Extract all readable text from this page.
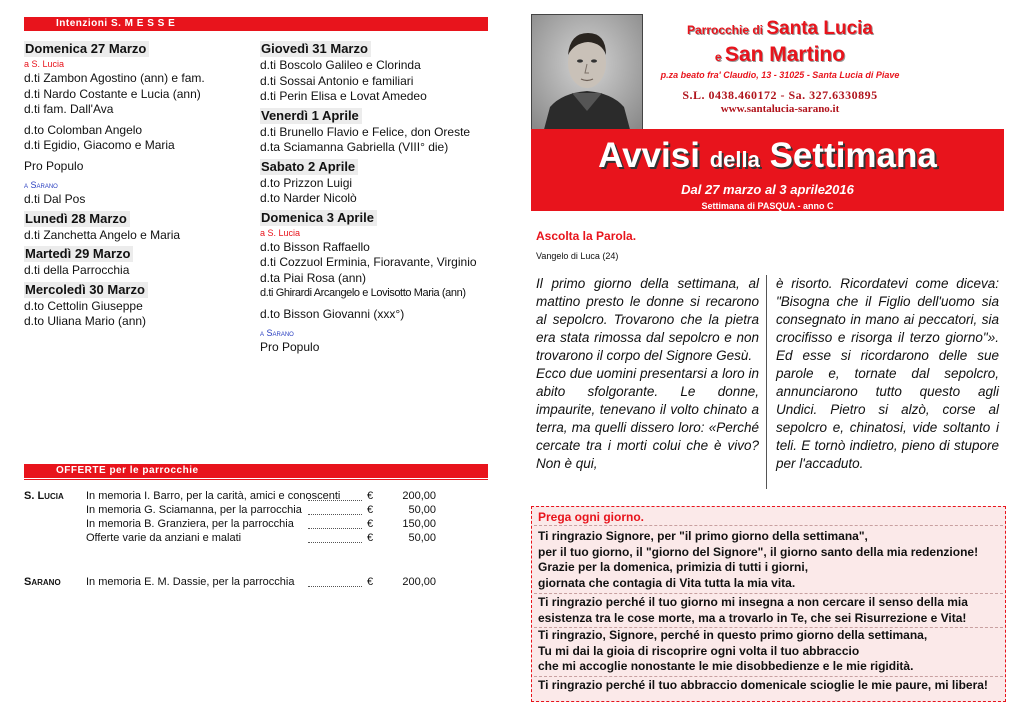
Intenzioni S. M E S S E
Domenica 27 Marzo
a S. Lucia
d.ti Zambon Agostino (ann) e fam.
d.ti Nardo Costante e Lucia (ann)
d.ti fam. Dall'Ava
d.to Colomban Angelo
d.ti Egidio, Giacomo e Maria
Pro Populo
a Sarano
d.ti Dal Pos
Lunedì 28 Marzo
d.ti Zanchetta Angelo e Maria
Martedì 29 Marzo
d.ti della Parrocchia
Mercoledì 30 Marzo
d.to Cettolin Giuseppe
d.to Uliana Mario (ann)
Giovedì 31 Marzo
d.ti Boscolo Galileo e Clorinda
d.ti Sossai Antonio e familiari
d.ti Perin Elisa e Lovat Amedeo
Venerdì 1 Aprile
d.ti Brunello Flavio e Felice, don Oreste
d.ta Sciamanna Gabriella (VIII° die)
Sabato 2 Aprile
d.to Prizzon Luigi
d.to Narder Nicolò
Domenica 3 Aprile
a S. Lucia
d.to Bisson Raffaello
d.ti Cozzuol Erminia, Fioravante, Virginio
d.ta Piai Rosa (ann)
d.ti Ghirardi Arcangelo e Lovisotto Maria (ann)
d.to Bisson Giovanni (xxx°)
a Sarano
Pro Populo
OFFERTE per le parrocchie
S. Lucia In memoria I. Barro, per la carità, amici e conoscenti €	200,00
In memoria G. Sciamanna, per la parrocchia	€	50,00
In memoria B. Granziera, per la parrocchia	€	150,00
Offerte varie da anziani e malati	€	50,00
Sarano In memoria E. M. Dassie, per la parrocchia	€	200,00
Parrocchie di Santa Lucia
e San Martino
p.za beato fra' Claudio, 13 - 31025 - Santa Lucia di Piave
S.L. 0438.460172 - Sa. 327.6330895
www.santalucia-sarano.it
Avvisi della Settimana
Dal 27 marzo al 3 aprile2016
Settimana di PASQUA - anno C
Ascolta la Parola.
Vangelo di Luca (24)
Il primo giorno della settimana, al mattino presto le donne si recarono al sepolcro. Trovarono che la pietra era stata rimossa dal sepolcro e non trovarono il corpo del Signore Gesù.
Ecco due uomini presentarsi a loro in abito sfolgorante. Le donne, impaurite, tenevano il volto chinato a terra, ma quelli dissero loro: «Perché cercate tra i morti colui che è vivo? Non è qui,
è risorto. Ricordatevi come diceva: "Bisogna che il Figlio dell'uomo sia consegnato in mano ai peccatori, sia crocifisso e risorga il terzo giorno"». Ed esse si ricordarono delle sue parole e, tornate dal sepolcro, annunciarono tutto questo agli Undici. Pietro si alzò, corse al sepolcro e, chinatosi, vide soltanto i teli. E tornò indietro, pieno di stupore per l'accaduto.
Prega ogni giorno.
Ti ringrazio Signore, per "il primo giorno della settimana",
per il tuo giorno, il "giorno del Signore", il giorno santo della mia redenzione!
Grazie per la domenica, primizia di tutti i giorni,
giornata che contagia di Vita tutta la mia vita.
Ti ringrazio perché il tuo giorno mi insegna a non cercare il senso della mia
esistenza tra le cose morte, ma a trovarlo in Te, che sei Risurrezione e Vita!
Ti ringrazio, Signore, perché in questo primo giorno della settimana,
Tu mi dai la gioia di riscoprire ogni volta il tuo abbraccio
che mi accoglie nonostante le mie disobbedienze e le mie rigidità.
Ti ringrazio perché il tuo abbraccio domenicale scioglie le mie paure, mi libera!
